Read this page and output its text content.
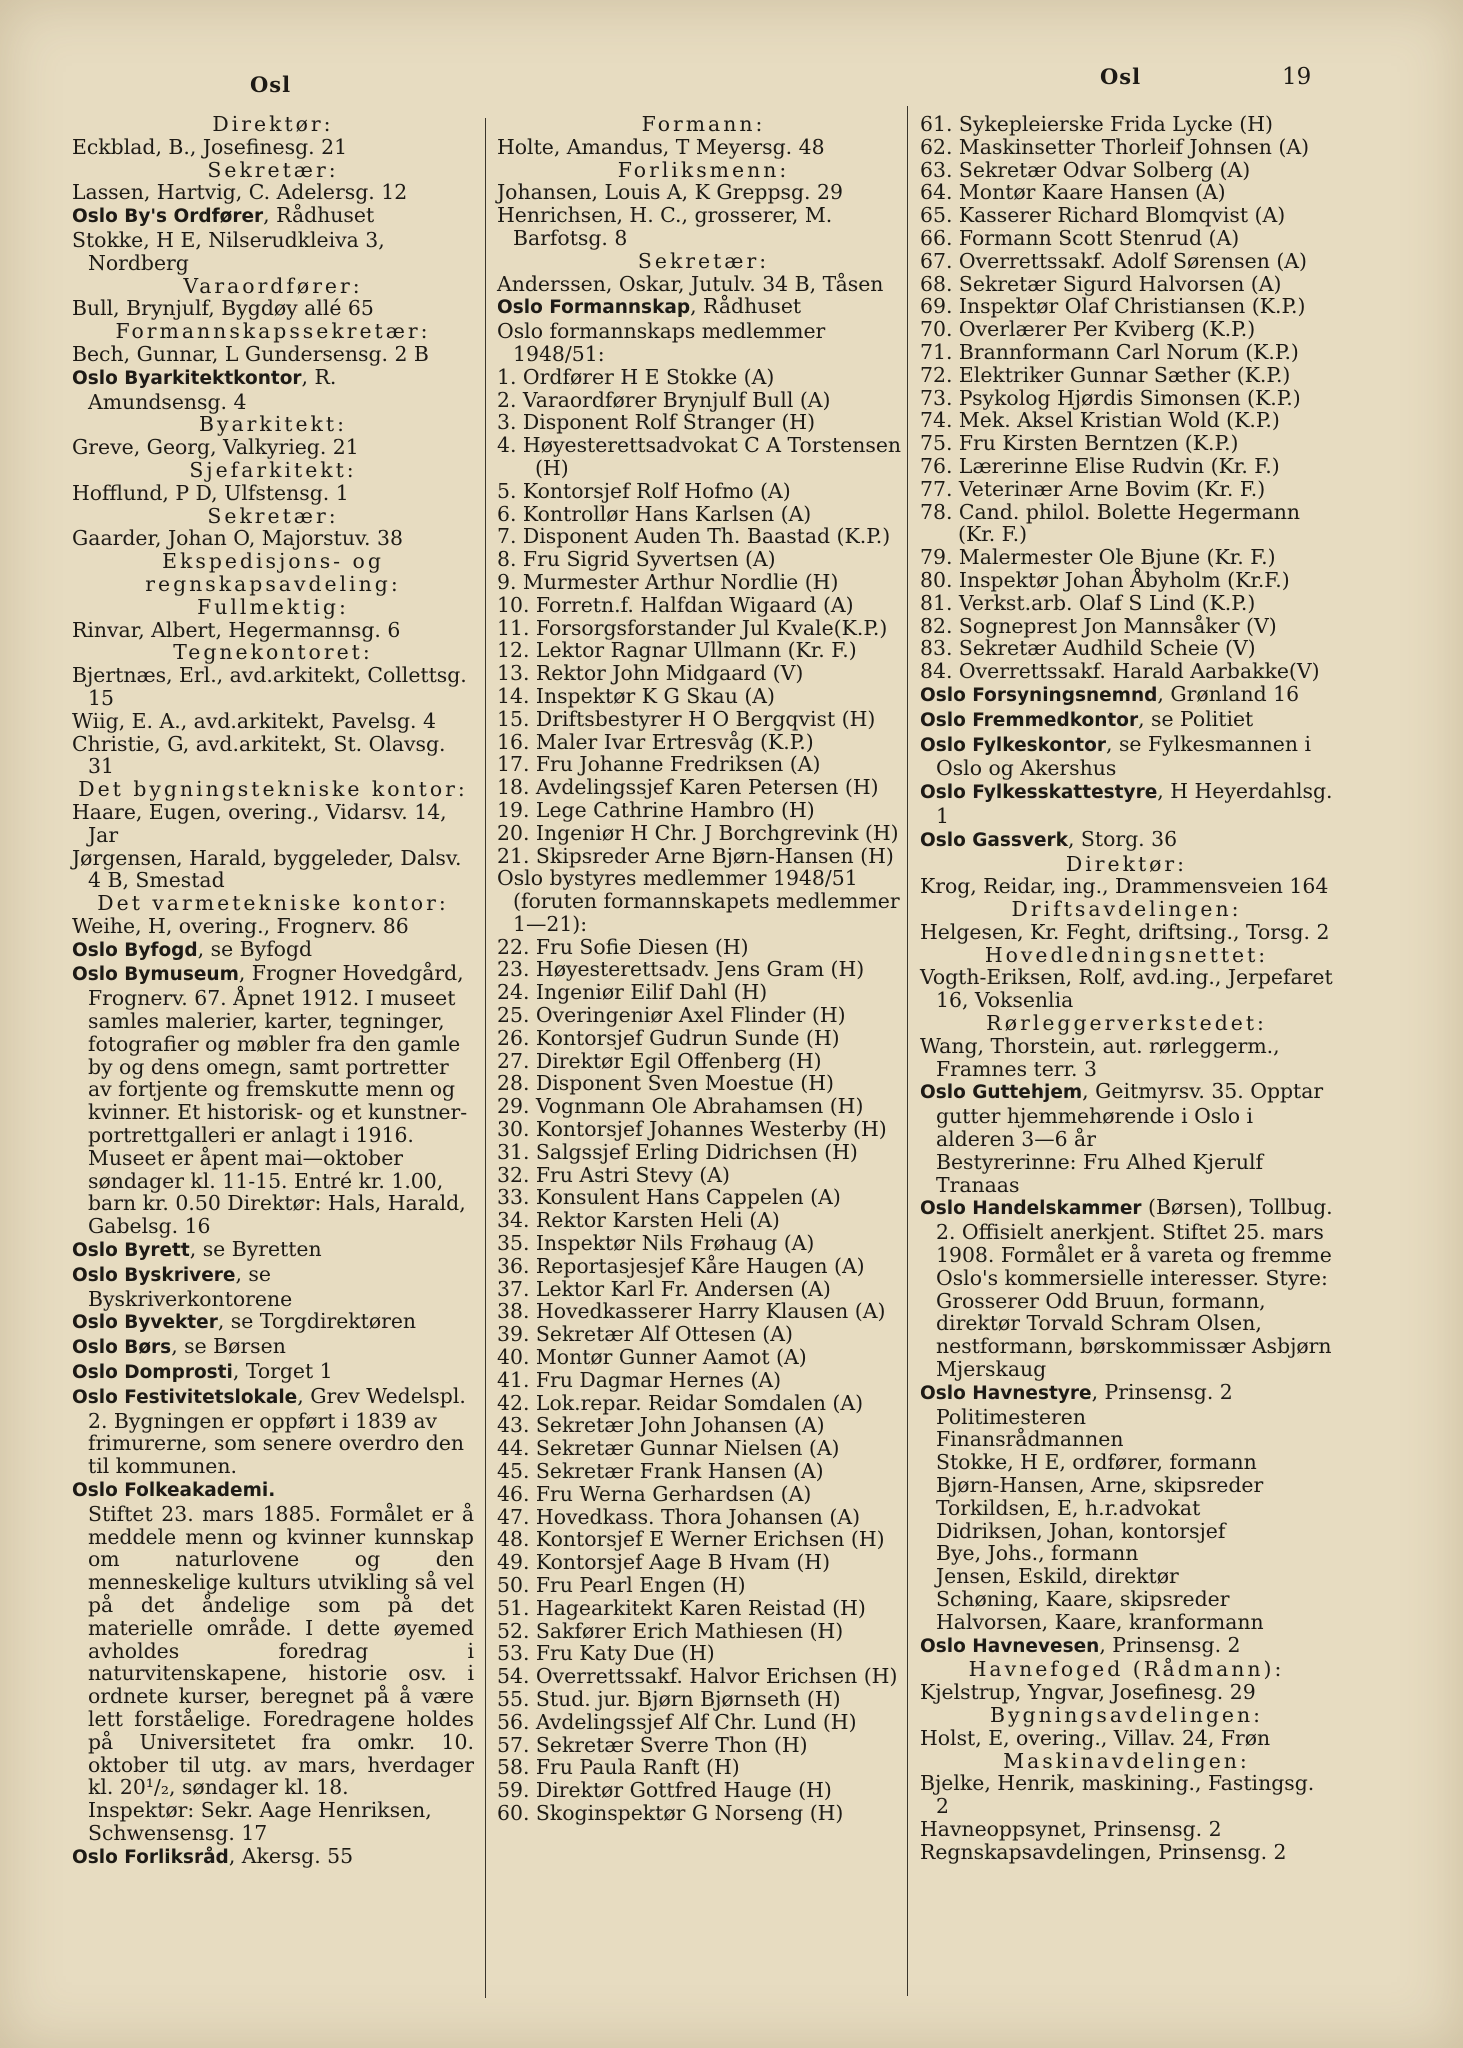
Osl	Osl	19

Direktør:

Eckblad, B., Josefinesg. 21

Sekretær:

Lassen, Hartvig, C. Adelersg. 12

Oslo By's Ordfører, Rådhuset

Stokke, H E, Nilserudkleiva 3, Nordberg

Varaordfører:

Bull, Brynjulf, Bygdøy allé 65

Formannskapssekretær:

Bech, Gunnar, L Gundersensg. 2 B

Oslo Byarkitektkontor, R. Amundsensg. 4

Byarkitekt:

Greve, Georg, Valkyrieg. 21

Sjefarkitekt:

Hofflund, P D, Ulfstensg. 1

Sekretær:

Gaarder, Johan O, Majorstuv. 38

Ekspedisjons- og regnskapsavdeling:

Fullmektig:

Rinvar, Albert, Hegermannsg. 6

Tegnekontoret:

Bjertnæs, Erl., avd.arkitekt, Collettsg. 15

Wiig, E. A., avd.arkitekt, Pavelsg. 4

Christie, G, avd.arkitekt, St. Olavsg. 31

Det bygningstekniske kontor:

Haare, Eugen, overing., Vidarsv. 14, Jar

Jørgensen, Harald, byggeleder, Dalsv. 4 B, Smestad

Det varmetekniske kontor:

Weihe, H, overing., Frognerv. 86

Oslo Byfogd, se Byfogd

Oslo Bymuseum, Frogner Hovedgård, Frognerv. 67. Åpnet 1912. I museet samles malerier, karter, tegninger, fotografier og møbler fra den gamle by og dens omegn, samt portretter av fortjente og fremskutte menn og kvinner. Et historisk- og et kunstner-portrettgalleri er anlagt i 1916. Museet er åpent mai—oktober søndager kl. 11-15. Entré kr. 1.00, barn kr. 0.50 Direktør: Hals, Harald, Gabelsg. 16

Oslo Byrett, se Byretten

Oslo Byskrivere, se Byskriverkontorene

Oslo Byvekter, se Torgdirektøren

Oslo Børs, se Børsen

Oslo Domprosti, Torget 1

Oslo Festivitetslokale, Grev Wedelspl. 2. Bygningen er oppført i 1839 av frimurerne, som senere overdro den til kommunen.

Oslo Folkeakademi.

Stiftet 23. mars 1885. Formålet er å meddele menn og kvinner kunnskap om naturlovene og den menneskelige kulturs utvikling så vel på det åndelige som på det materielle område. I dette øyemed avholdes foredrag i naturvitenskapene, historie osv. i ordnete kurser, beregnet på å være lett forståelige. Foredragene holdes på Universitetet fra omkr. 10. oktober til utg. av mars, hverdager kl. 20¹/₂, søndager kl. 18.

Inspektør: Sekr. Aage Henriksen, Schwensensg. 17

Oslo Forliksråd, Akersg. 55

Formann:

Holte, Amandus, T Meyersg. 48

Forliksmenn:

Johansen, Louis A, K Greppsg. 29

Henrichsen, H. C., grosserer, M. Barfotsg. 8

Sekretær:

Anderssen, Oskar, Jutulv. 34 B, Tåsen

Oslo Formannskap, Rådhuset

Oslo formannskaps medlemmer 1948/51:

1. Ordfører H E Stokke (A)

2. Varaordfører Brynjulf Bull (A)

3. Disponent Rolf Stranger (H)

4. Høyesterettsadvokat C A Torstensen (H)

5. Kontorsjef Rolf Hofmo (A)

6. Kontrollør Hans Karlsen (A)

7. Disponent Auden Th. Baastad (K.P.)

8. Fru Sigrid Syvertsen (A)

9. Murmester Arthur Nordlie (H)

10. Forretn.f. Halfdan Wigaard (A)

11. Forsorgsforstander Jul Kvale(K.P.)

12. Lektor Ragnar Ullmann (Kr. F.)

13. Rektor John Midgaard (V)

14. Inspektør K G Skau (A)

15. Driftsbestyrer H O Bergqvist (H)

16. Maler Ivar Ertresvåg (K.P.)

17. Fru Johanne Fredriksen (A)

18. Avdelingssjef Karen Petersen (H)

19. Lege Cathrine Hambro (H)

20. Ingeniør H Chr. J Borchgrevink (H)

21. Skipsreder Arne Bjørn-Hansen (H)

Oslo bystyres medlemmer 1948/51 (foruten formannskapets medlemmer 1—21):

22. Fru Sofie Diesen (H)

23. Høyesterettsadv. Jens Gram (H)

24. Ingeniør Eilif Dahl (H)

25. Overingeniør Axel Flinder (H)

26. Kontorsjef Gudrun Sunde (H)

27. Direktør Egil Offenberg (H)

28. Disponent Sven Moestue (H)

29. Vognmann Ole Abrahamsen (H)

30. Kontorsjef Johannes Westerby (H)

31. Salgssjef Erling Didrichsen (H)

32. Fru Astri Stevy (A)

33. Konsulent Hans Cappelen (A)

34. Rektor Karsten Heli (A)

35. Inspektør Nils Frøhaug (A)

36. Reportasjesjef Kåre Haugen (A)

37. Lektor Karl Fr. Andersen (A)

38. Hovedkasserer Harry Klausen (A)

39. Sekretær Alf Ottesen (A)

40. Montør Gunner Aamot (A)

41. Fru Dagmar Hernes (A)

42. Lok.repar. Reidar Somdalen (A)

43. Sekretær John Johansen (A)

44. Sekretær Gunnar Nielsen (A)

45. Sekretær Frank Hansen (A)

46. Fru Werna Gerhardsen (A)

47. Hovedkass. Thora Johansen (A)

48. Kontorsjef E Werner Erichsen (H)

49. Kontorsjef Aage B Hvam (H)

50. Fru Pearl Engen (H)

51. Hagearkitekt Karen Reistad (H)

52. Sakfører Erich Mathiesen (H)

53. Fru Katy Due (H)

54. Overrettssakf. Halvor Erichsen (H)

55. Stud. jur. Bjørn Bjørnseth (H)

56. Avdelingssjef Alf Chr. Lund (H)

57. Sekretær Sverre Thon (H)

58. Fru Paula Ranft (H)

59. Direktør Gottfred Hauge (H)

60. Skoginspektør G Norseng (H)

61. Sykepleierske Frida Lycke (H)

62. Maskinsetter Thorleif Johnsen (A)

63. Sekretær Odvar Solberg (A)

64. Montør Kaare Hansen (A)

65. Kasserer Richard Blomqvist (A)

66. Formann Scott Stenrud (A)

67. Overrettssakf. Adolf Sørensen (A)

68. Sekretær Sigurd Halvorsen (A)

69. Inspektør Olaf Christiansen (K.P.)

70. Overlærer Per Kviberg (K.P.)

71. Brannformann Carl Norum (K.P.)

72. Elektriker Gunnar Sæther (K.P.)

73. Psykolog Hjørdis Simonsen (K.P.)

74. Mek. Aksel Kristian Wold (K.P.)

75. Fru Kirsten Berntzen (K.P.)

76. Lærerinne Elise Rudvin (Kr. F.)

77. Veterinær Arne Bovim (Kr. F.)

78. Cand. philol. Bolette Hegermann (Kr. F.)

79. Malermester Ole Bjune (Kr. F.)

80. Inspektør Johan Åbyholm (Kr.F.)

81. Verkst.arb. Olaf S Lind (K.P.)

82. Sogneprest Jon Mannsåker (V)

83. Sekretær Audhild Scheie (V)

84. Overrettssakf. Harald Aarbakke(V)

Oslo Forsyningsnemnd, Grønland 16

Oslo Fremmedkontor, se Politiet

Oslo Fylkeskontor, se Fylkesmannen i Oslo og Akershus

Oslo Fylkesskattestyre, H Heyerdahlsg. 1

Oslo Gassverk, Storg. 36

Direktør:

Krog, Reidar, ing., Drammensveien 164

Driftsavdelingen:

Helgesen, Kr. Feght, driftsing., Torsg. 2

Hovedledningsnettet:

Vogth-Eriksen, Rolf, avd.ing., Jerpefaret 16, Voksenlia

Rørleggerverkstedet:

Wang, Thorstein, aut. rørleggerm., Framnes terr. 3

Oslo Guttehjem, Geitmyrsv. 35. Opptar gutter hjemmehørende i Oslo i alderen 3—6 år

Bestyrerinne: Fru Alhed Kjerulf Tranaas

Oslo Handelskammer (Børsen), Tollbug. 2. Offisielt anerkjent. Stiftet 25. mars 1908. Formålet er å vareta og fremme Oslo's kommersielle interesser. Styre: Grosserer Odd Bruun, formann, direktør Torvald Schram Olsen, nestformann, børskommissær Asbjørn Mjerskaug

Oslo Havnestyre, Prinsensg. 2

Politimesteren

Finansrådmannen

Stokke, H E, ordfører, formann

Bjørn-Hansen, Arne, skipsreder

Torkildsen, E, h.r.advokat

Didriksen, Johan, kontorsjef

Bye, Johs., formann

Jensen, Eskild, direktør

Schøning, Kaare, skipsreder

Halvorsen, Kaare, kranformann

Oslo Havnevesen, Prinsensg. 2

Havnefoged (Rådmann):

Kjelstrup, Yngvar, Josefinesg. 29

Bygningsavdelingen:

Holst, E, overing., Villav. 24, Frøn

Maskinavdelingen:

Bjelke, Henrik, maskining., Fastingsg. 2

Havneoppsynet, Prinsensg. 2

Regnskapsavdelingen, Prinsensg. 2
